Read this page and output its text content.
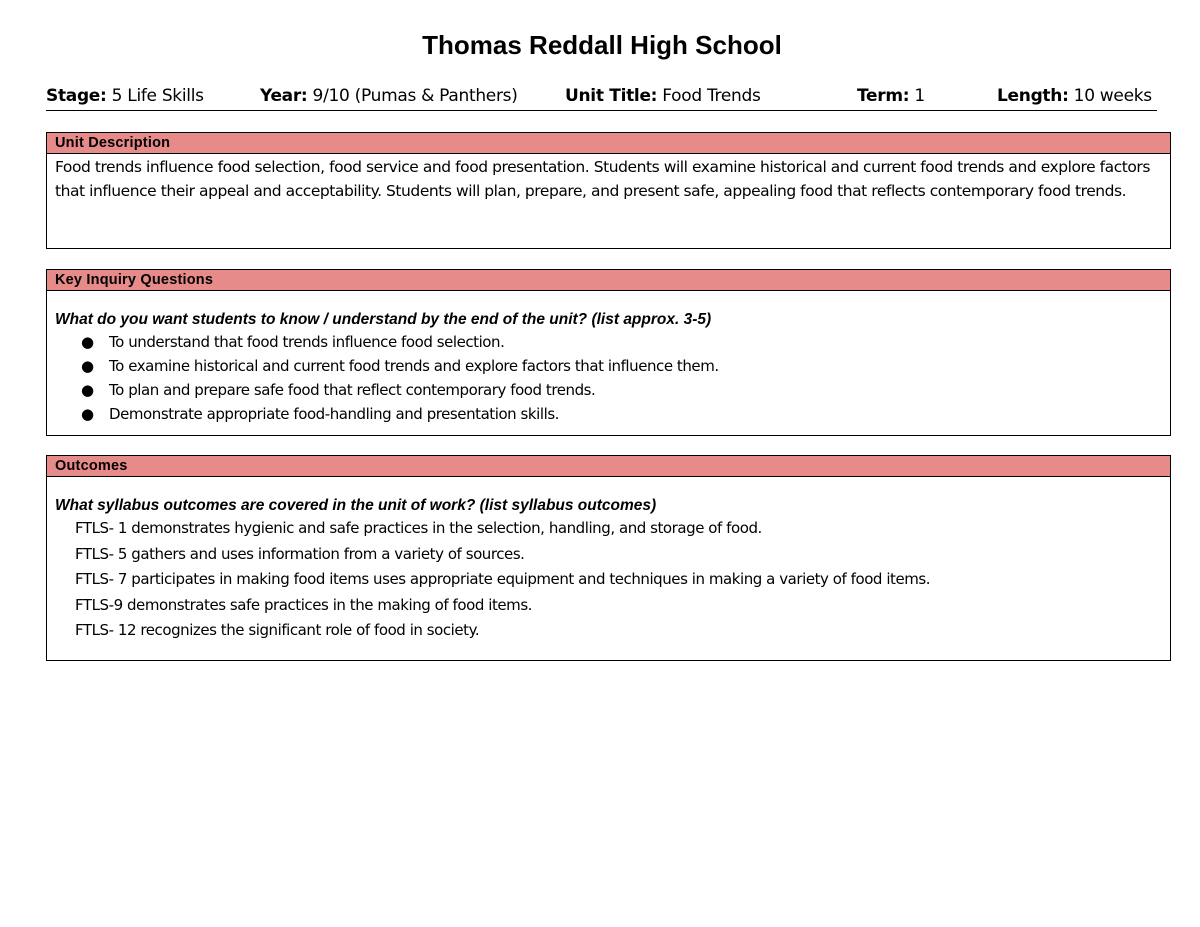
Thomas Reddall High School
Stage: 5 Life Skills	Year: 9/10 (Pumas & Panthers)	Unit Title: Food Trends	Term: 1	Length: 10 weeks
Unit Description
Food trends influence food selection, food service and food presentation. Students will examine historical and current food trends and explore factors that influence their appeal and acceptability. Students will plan, prepare, and present safe, appealing food that reflects contemporary food trends.
Key Inquiry Questions
What do you want students to know / understand by the end of the unit? (list approx. 3-5)
● To understand that food trends influence food selection.
● To examine historical and current food trends and explore factors that influence them.
● To plan and prepare safe food that reflect contemporary food trends.
● Demonstrate appropriate food-handling and presentation skills.
Outcomes
What syllabus outcomes are covered in the unit of work? (list syllabus outcomes)
FTLS- 1 demonstrates hygienic and safe practices in the selection, handling, and storage of food.
FTLS- 5 gathers and uses information from a variety of sources.
FTLS- 7 participates in making food items uses appropriate equipment and techniques in making a variety of food items.
FTLS-9 demonstrates safe practices in the making of food items.
FTLS- 12 recognizes the significant role of food in society.
